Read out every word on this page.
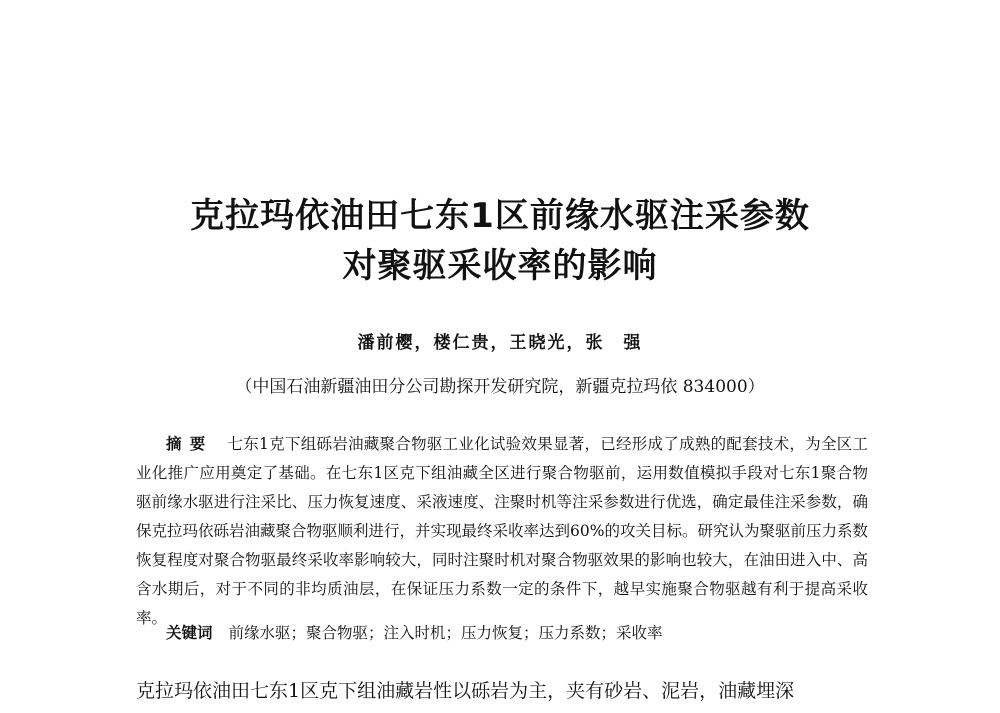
克拉玛依油田七东1区前缘水驱注采参数
对聚驱采收率的影响

潘前樱，楼仁贵，王晓光，张　强

（中国石油新疆油田分公司勘探开发研究院，新疆克拉玛依 834000）

摘要 七东1克下组砾岩油藏聚合物驱工业化试验效果显著，已经形成了成熟的配套技术，为全区工业化推广应用奠定了基础。在七东1区克下组油藏全区进行聚合物驱前，运用数值模拟手段对七东1聚合物驱前缘水驱进行注采比、压力恢复速度、采液速度、注聚时机等注采参数进行优选，确定最佳注采参数，确保克拉玛依砾岩油藏聚合物驱顺利进行，并实现最终采收率达到60%的攻关目标。研究认为聚驱前压力系数恢复程度对聚合物驱最终采收率影响较大，同时注聚时机对聚合物驱效果的影响也较大，在油田进入中、高含水期后，对于不同的非均质油层，在保证压力系数一定的条件下，越早实施聚合物驱越有利于提高采收率。

关键词 前缘水驱；聚合物驱；注入时机；压力恢复；压力系数；采收率

克拉玛依油田七东1区克下组油藏岩性以砾岩为主，夹有砂岩、泥岩，油藏埋深
